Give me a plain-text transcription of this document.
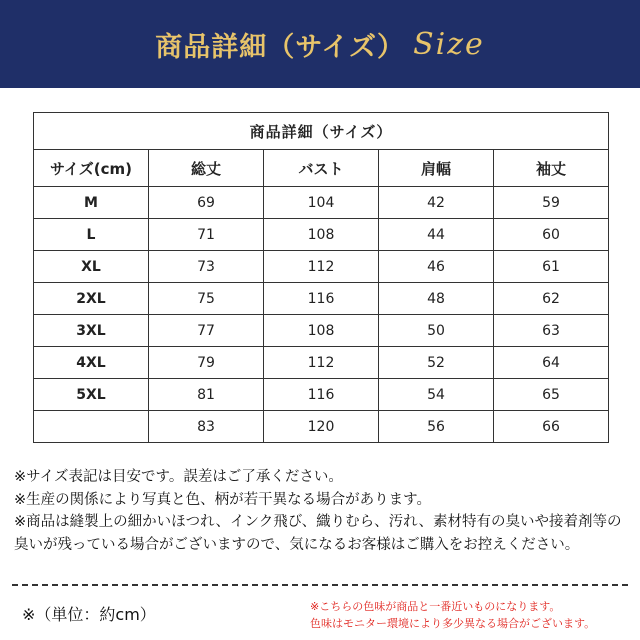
商品詳細（サイズ） Size
商品詳細（サイズ）				
サイズ(cm)	総丈	バスト	肩幅	袖丈
M	69	104	42	59
L	71	108	44	60
XL	73	112	46	61
2XL	75	116	48	62
3XL	77	108	50	63
4XL	79	112	52	64
5XL	81	116	54	65
	83	120	56	66

※サイズ表記は目安です。誤差はご了承ください。

※生産の関係により写真と色、柄が若干異なる場合があります。

※商品は縫製上の細かいほつれ、インク飛び、織りむら、汚れ、素材特有の臭いや接着剤等の臭いが残っている場合がございますので、気になるお客様はご購入をお控えください。

※（単位：約cm）	※こちらの色味が商品と一番近いものになります。

色味はモニター環境により多少異なる場合がございます。
